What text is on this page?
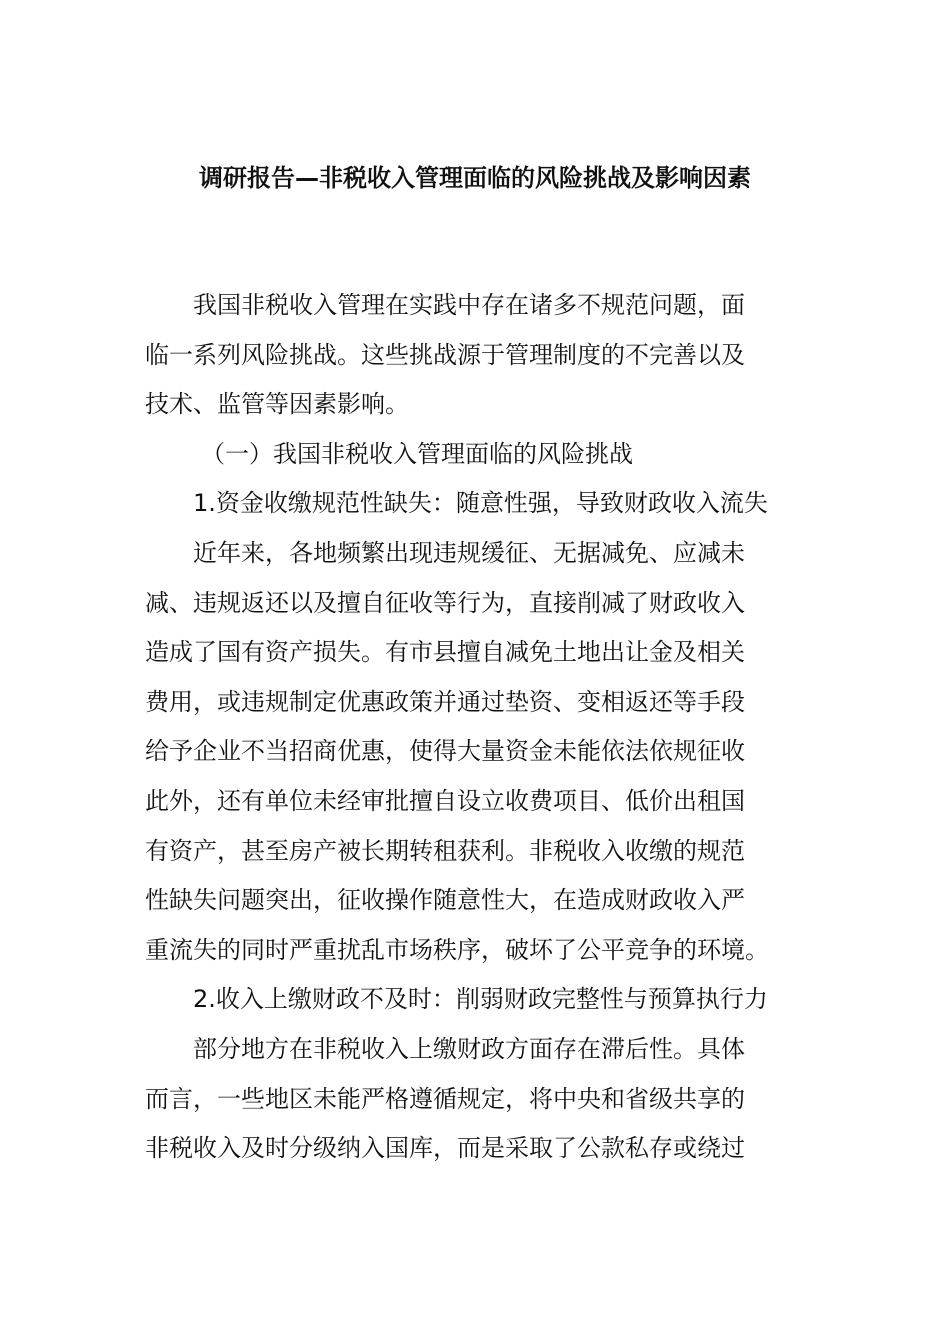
调研报告—非税收入管理面临的风险挑战及影响因素
我国非税收入管理在实践中存在诸多不规范问题，面
临一系列风险挑战。这些挑战源于管理制度的不完善以及
技术、监管等因素影响。
（一）我国非税收入管理面临的风险挑战
1.资金收缴规范性缺失：随意性强，导致财政收入流失
近年来，各地频繁出现违规缓征、无据减免、应减未
减、违规返还以及擅自征收等行为，直接削减了财政收入
造成了国有资产损失。有市县擅自减免土地出让金及相关
费用，或违规制定优惠政策并通过垫资、变相返还等手段
给予企业不当招商优惠，使得大量资金未能依法依规征收
此外，还有单位未经审批擅自设立收费项目、低价出租国
有资产，甚至房产被长期转租获利。非税收入收缴的规范
性缺失问题突出，征收操作随意性大，在造成财政收入严
重流失的同时严重扰乱市场秩序，破坏了公平竞争的环境。
2.收入上缴财政不及时：削弱财政完整性与预算执行力
部分地方在非税收入上缴财政方面存在滞后性。具体
而言，一些地区未能严格遵循规定，将中央和省级共享的
非税收入及时分级纳入国库，而是采取了公款私存或绕过
